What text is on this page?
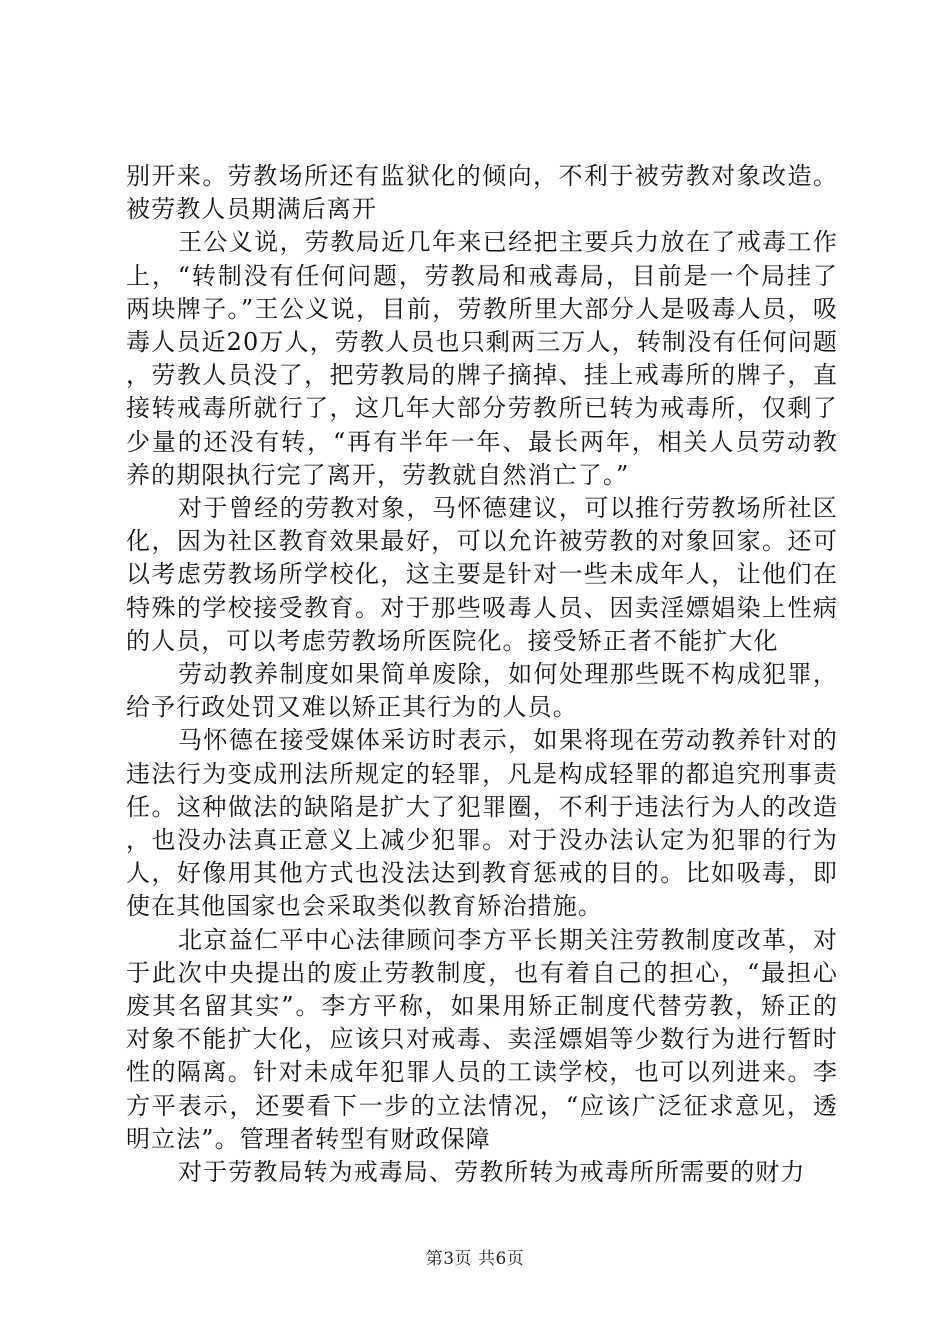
别开来。劳教场所还有监狱化的倾向，不利于被劳教对象改造。被劳教人员期满后离开

王公义说，劳教局近几年来已经把主要兵力放在了戒毒工作上，“转制没有任何问题，劳教局和戒毒局，目前是一个局挂了两块牌子。”王公义说，目前，劳教所里大部分人是吸毒人员，吸毒人员近20万人，劳教人员也只剩两三万人，转制没有任何问题，劳教人员没了，把劳教局的牌子摘掉、挂上戒毒所的牌子，直接转戒毒所就行了，这几年大部分劳教所已转为戒毒所，仅剩了少量的还没有转，“再有半年一年、最长两年，相关人员劳动教养的期限执行完了离开，劳教就自然消亡了。”

对于曾经的劳教对象，马怀德建议，可以推行劳教场所社区化，因为社区教育效果最好，可以允许被劳教的对象回家。还可以考虑劳教场所学校化，这主要是针对一些未成年人，让他们在特殊的学校接受教育。对于那些吸毒人员、因卖淫嫖娼染上性病的人员，可以考虑劳教场所医院化。接受矫正者不能扩大化

劳动教养制度如果简单废除，如何处理那些既不构成犯罪，给予行政处罚又难以矫正其行为的人员。

马怀德在接受媒体采访时表示，如果将现在劳动教养针对的违法行为变成刑法所规定的轻罪，凡是构成轻罪的都追究刑事责任。这种做法的缺陷是扩大了犯罪圈，不利于违法行为人的改造，也没办法真正意义上减少犯罪。对于没办法认定为犯罪的行为人，好像用其他方式也没法达到教育惩戒的目的。比如吸毒，即使在其他国家也会采取类似教育矫治措施。

北京益仁平中心法律顾问李方平长期关注劳教制度改革，对于此次中央提出的废止劳教制度，也有着自己的担心，“最担心废其名留其实”。李方平称，如果用矫正制度代替劳教，矫正的对象不能扩大化，应该只对戒毒、卖淫嫖娼等少数行为进行暂时性的隔离。针对未成年犯罪人员的工读学校，也可以列进来。李方平表示，还要看下一步的立法情况，“应该广泛征求意见，透明立法”。管理者转型有财政保障

对于劳教局转为戒毒局、劳教所转为戒毒所所需要的财力

第3页 共6页
